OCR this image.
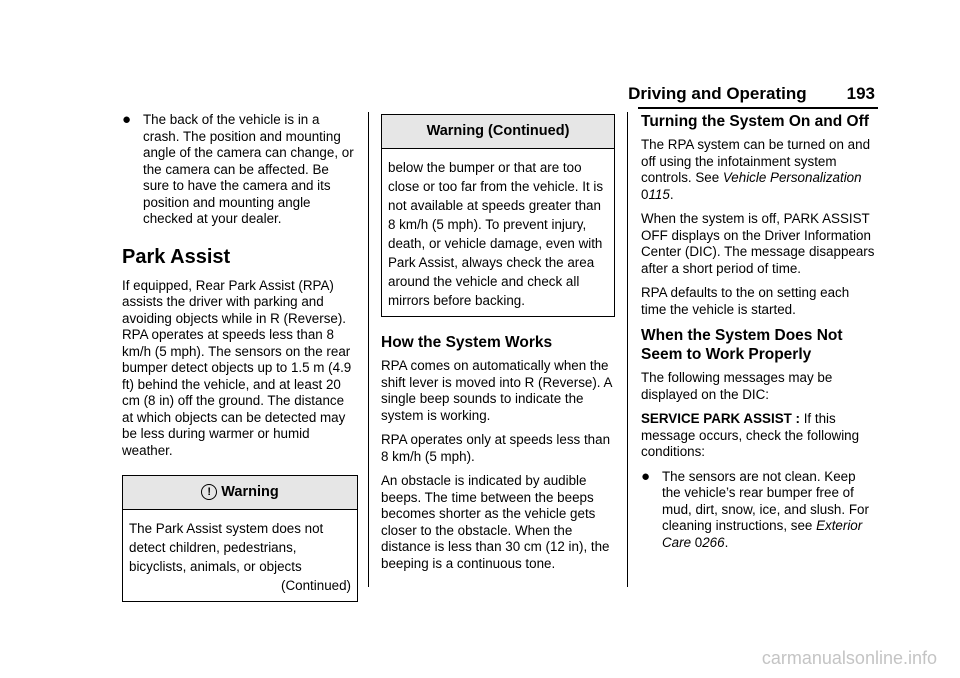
Driving and Operating 193
● The back of the vehicle is in a crash. The position and mounting angle of the camera can change, or the camera can be affected. Be sure to have the camera and its position and mounting angle checked at your dealer.
Park Assist

If equipped, Rear Park Assist (RPA) assists the driver with parking and avoiding objects while in R (Reverse). RPA operates at speeds less than 8 km/h (5 mph). The sensors on the rear bumper detect objects up to 1.5 m (4.9 ft) behind the vehicle, and at least 20 cm (8 in) off the ground. The distance at which objects can be detected may be less during warmer or humid weather.

! Warning
The Park Assist system does not detect children, pedestrians, bicyclists, animals, or objects
(Continued)
Warning (Continued)
below the bumper or that are too close or too far from the vehicle. It is not available at speeds greater than 8 km/h (5 mph). To prevent injury, death, or vehicle damage, even with Park Assist, always check the area around the vehicle and check all mirrors before backing.
How the System Works

RPA comes on automatically when the shift lever is moved into R (Reverse). A single beep sounds to indicate the system is working.

RPA operates only at speeds less than 8 km/h (5 mph).

An obstacle is indicated by audible beeps. The time between the beeps becomes shorter as the vehicle gets closer to the obstacle. When the distance is less than 30 cm (12 in), the beeping is a continuous tone.

Turning the System On and Off

The RPA system can be turned on and off using the infotainment system controls. See Vehicle Personalization 0115.

When the system is off, PARK ASSIST OFF displays on the Driver Information Center (DIC). The message disappears after a short period of time.

RPA defaults to the on setting each time the vehicle is started.

When the System Does Not Seem to Work Properly

The following messages may be displayed on the DIC:

SERVICE PARK ASSIST : If this message occurs, check the following conditions:

● The sensors are not clean. Keep the vehicle’s rear bumper free of mud, dirt, snow, ice, and slush. For cleaning instructions, see Exterior Care 0266.
carmanualsonline.info
